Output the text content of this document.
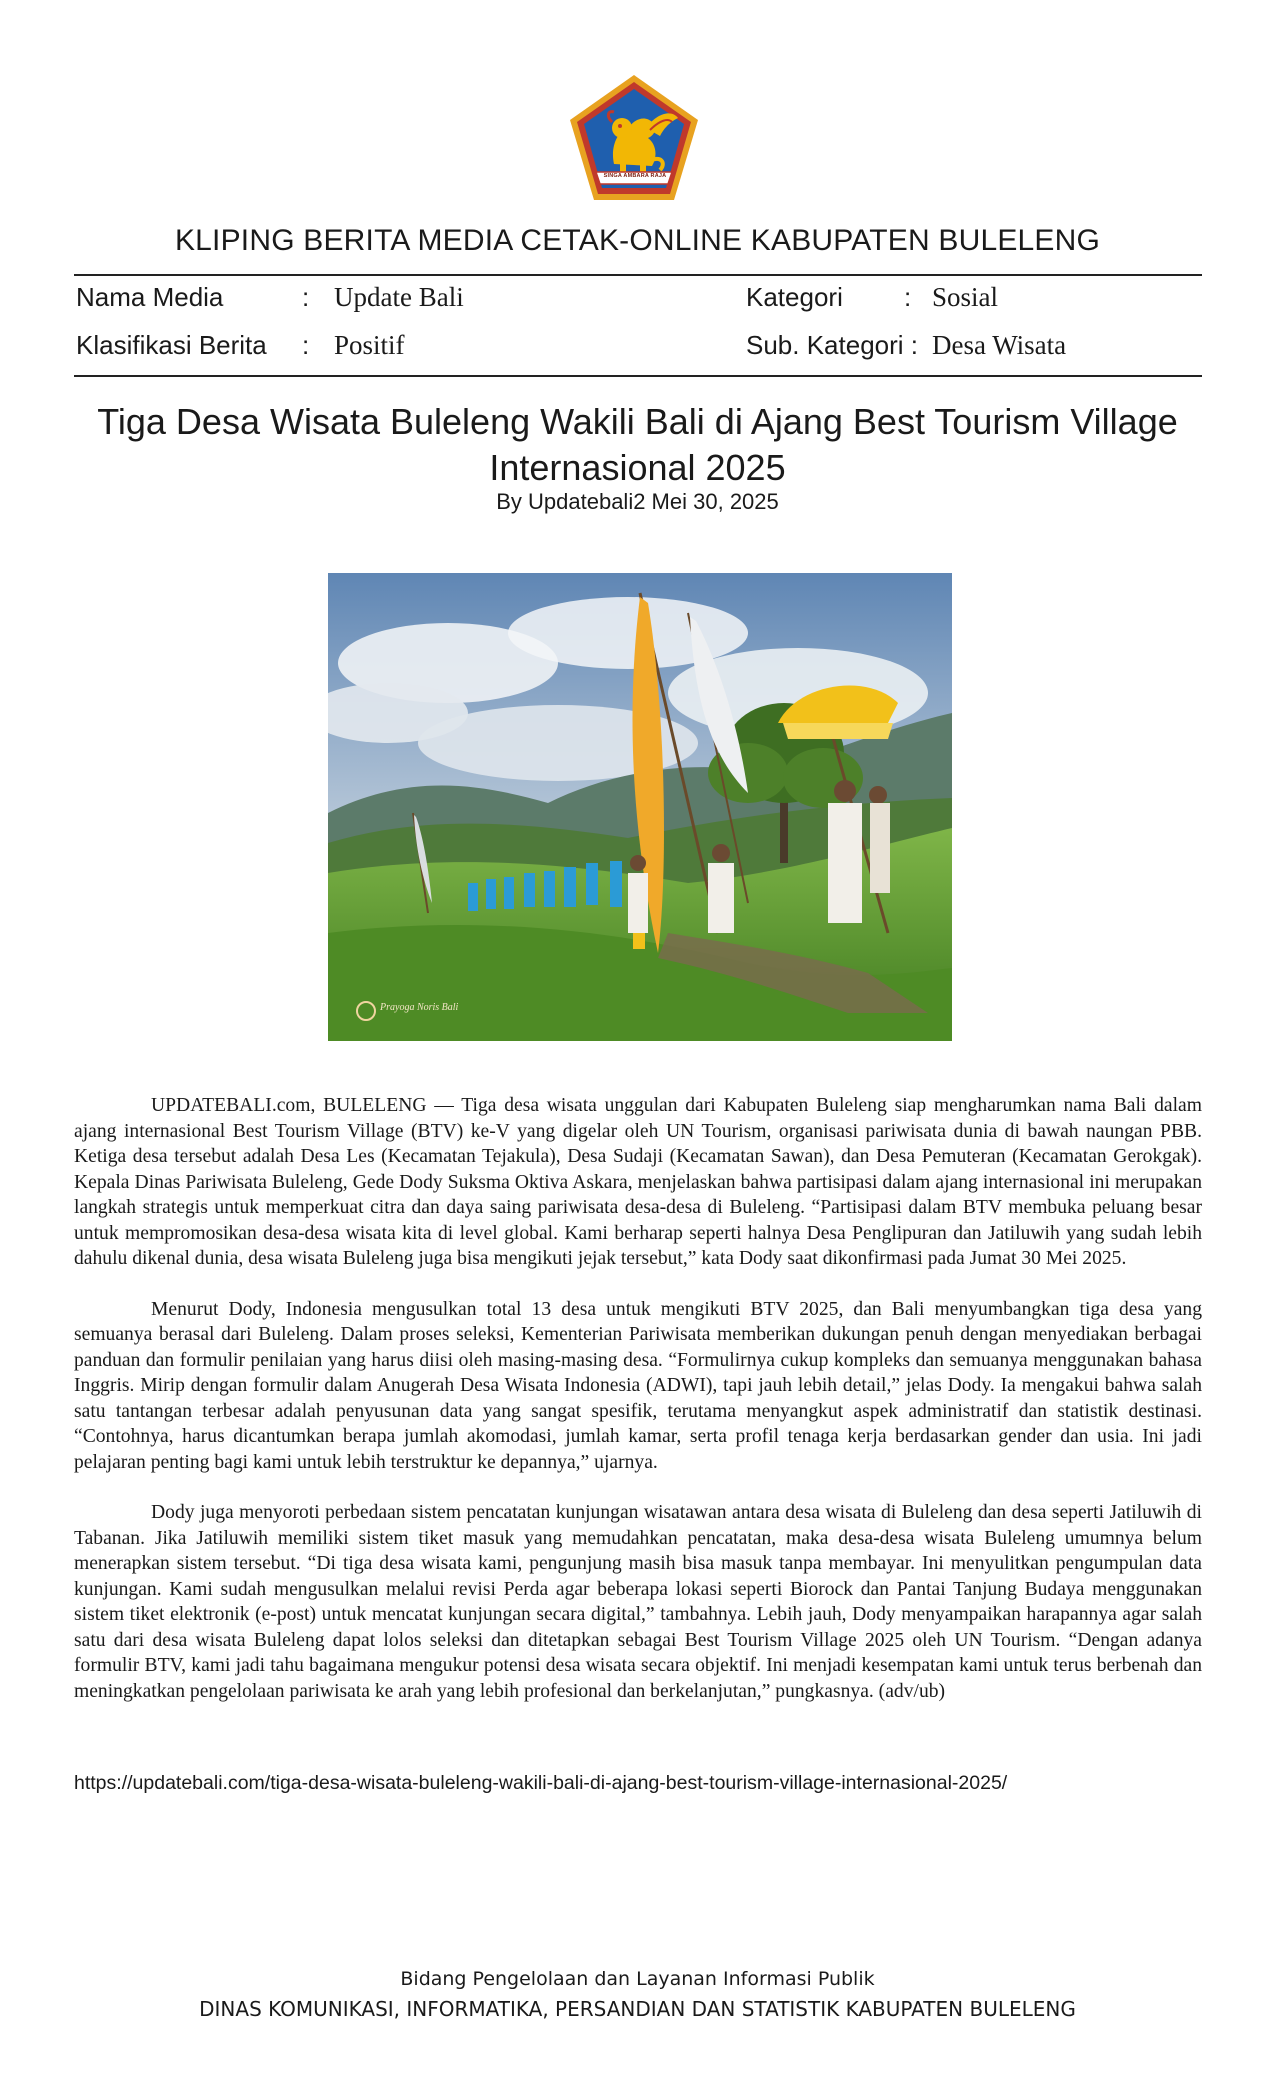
SINGA AMBARA RAJA
KLIPING BERITA MEDIA CETAK-ONLINE KABUPATEN BULELENG
Nama Media	: Update Bali	Kategori : Sosial
Klasifikasi Berita : Positif	Sub. Kategori : Desa Wisata
Tiga Desa Wisata Buleleng Wakili Bali di Ajang Best Tourism Village Internasional 2025
By Updatebali2 Mei 30, 2025
Prayoga Noris Bali

UPDATEBALI.com, BULELENG — Tiga desa wisata unggulan dari Kabupaten Buleleng siap mengharumkan nama Bali dalam ajang internasional Best Tourism Village (BTV) ke-V yang digelar oleh UN Tourism, organisasi pariwisata dunia di bawah naungan PBB. Ketiga desa tersebut adalah Desa Les (Kecamatan Tejakula), Desa Sudaji (Kecamatan Sawan), dan Desa Pemuteran (Kecamatan Gerokgak). Kepala Dinas Pariwisata Buleleng, Gede Dody Suksma Oktiva Askara, menjelaskan bahwa partisipasi dalam ajang internasional ini merupakan langkah strategis untuk memperkuat citra dan daya saing pariwisata desa-desa di Buleleng. “Partisipasi dalam BTV membuka peluang besar untuk mempromosikan desa-desa wisata kita di level global. Kami berharap seperti halnya Desa Penglipuran dan Jatiluwih yang sudah lebih dahulu dikenal dunia, desa wisata Buleleng juga bisa mengikuti jejak tersebut,” kata Dody saat dikonfirmasi pada Jumat 30 Mei 2025.

Menurut Dody, Indonesia mengusulkan total 13 desa untuk mengikuti BTV 2025, dan Bali menyumbangkan tiga desa yang semuanya berasal dari Buleleng. Dalam proses seleksi, Kementerian Pariwisata memberikan dukungan penuh dengan menyediakan berbagai panduan dan formulir penilaian yang harus diisi oleh masing-masing desa. “Formulirnya cukup kompleks dan semuanya menggunakan bahasa Inggris. Mirip dengan formulir dalam Anugerah Desa Wisata Indonesia (ADWI), tapi jauh lebih detail,” jelas Dody. Ia mengakui bahwa salah satu tantangan terbesar adalah penyusunan data yang sangat spesifik, terutama menyangkut aspek administratif dan statistik destinasi. “Contohnya, harus dicantumkan berapa jumlah akomodasi, jumlah kamar, serta profil tenaga kerja berdasarkan gender dan usia. Ini jadi pelajaran penting bagi kami untuk lebih terstruktur ke depannya,” ujarnya.

Dody juga menyoroti perbedaan sistem pencatatan kunjungan wisatawan antara desa wisata di Buleleng dan desa seperti Jatiluwih di Tabanan. Jika Jatiluwih memiliki sistem tiket masuk yang memudahkan pencatatan, maka desa-desa wisata Buleleng umumnya belum menerapkan sistem tersebut. “Di tiga desa wisata kami, pengunjung masih bisa masuk tanpa membayar. Ini menyulitkan pengumpulan data kunjungan. Kami sudah mengusulkan melalui revisi Perda agar beberapa lokasi seperti Biorock dan Pantai Tanjung Budaya menggunakan sistem tiket elektronik (e-post) untuk mencatat kunjungan secara digital,” tambahnya. Lebih jauh, Dody menyampaikan harapannya agar salah satu dari desa wisata Buleleng dapat lolos seleksi dan ditetapkan sebagai Best Tourism Village 2025 oleh UN Tourism. “Dengan adanya formulir BTV, kami jadi tahu bagaimana mengukur potensi desa wisata secara objektif. Ini menjadi kesempatan kami untuk terus berbenah dan meningkatkan pengelolaan pariwisata ke arah yang lebih profesional dan berkelanjutan,” pungkasnya. (adv/ub)

https://updatebali.com/tiga-desa-wisata-buleleng-wakili-bali-di-ajang-best-tourism-village-internasional-2025/
Bidang Pengelolaan dan Layanan Informasi Publik
DINAS KOMUNIKASI, INFORMATIKA, PERSANDIAN DAN STATISTIK KABUPATEN BULELENG
